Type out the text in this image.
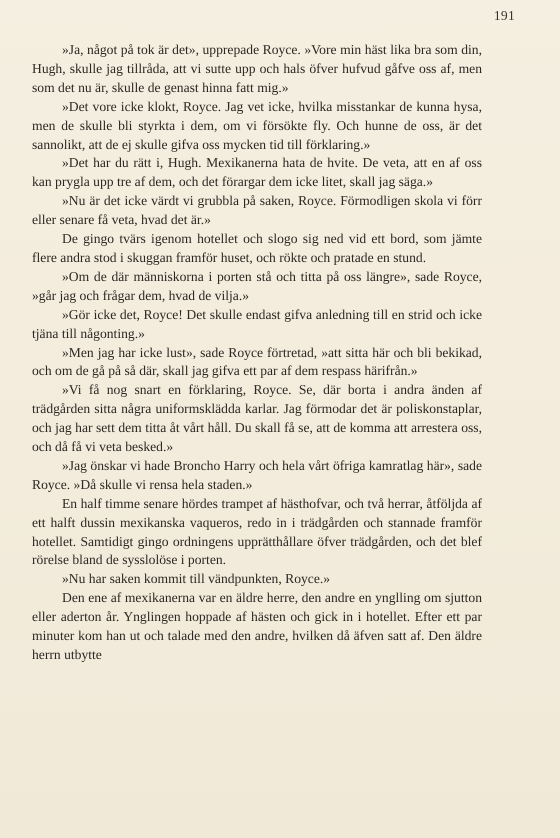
191

»Ja, något på tok är det», upprepade Royce. »Vore min häst lika bra som din, Hugh, skulle jag tillråda, att vi sutte upp och hals öfver hufvud gåfve oss af, men som det nu är, skulle de genast hinna fatt mig.»

»Det vore icke klokt, Royce. Jag vet icke, hvilka misstankar de kunna hysa, men de skulle bli styrkta i dem, om vi försökte fly. Och hunne de oss, är det sannolikt, att de ej skulle gifva oss mycken tid till förklaring.»

»Det har du rätt i, Hugh. Mexikanerna hata de hvite. De veta, att en af oss kan prygla upp tre af dem, och det förargar dem icke litet, skall jag säga.»

»Nu är det icke värdt vi grubbla på saken, Royce. Förmodligen skola vi förr eller senare få veta, hvad det är.»

De gingo tvärs igenom hotellet och slogo sig ned vid ett bord, som jämte flere andra stod i skuggan framför huset, och rökte och pratade en stund.

»Om de där människorna i porten stå och titta på oss längre», sade Royce, »går jag och frågar dem, hvad de vilja.»

»Gör icke det, Royce! Det skulle endast gifva anledning till en strid och icke tjäna till någonting.»

»Men jag har icke lust», sade Royce förtretad, »att sitta här och bli bekikad, och om de gå på så där, skall jag gifva ett par af dem respass härifrån.»

»Vi få nog snart en förklaring, Royce. Se, där borta i andra änden af trädgården sitta några uniformsklädda karlar. Jag förmodar det är poliskonstaplar, och jag har sett dem titta åt vårt håll. Du skall få se, att de komma att arrestera oss, och då få vi veta besked.»

»Jag önskar vi hade Broncho Harry och hela vårt öfriga kamratlag här», sade Royce. »Då skulle vi rensa hela staden.»

En half timme senare hördes trampet af hästhofvar, och två herrar, åtföljda af ett halft dussin mexikanska vaqueros, redo in i trädgården och stannade framför hotellet. Samtidigt gingo ordningens upprätthållare öfver trädgården, och det blef rörelse bland de sysslolöse i porten.

»Nu har saken kommit till vändpunkten, Royce.»

Den ene af mexikanerna var en äldre herre, den andre en ynglling om sjutton eller aderton år. Ynglingen hoppade af hästen och gick in i hotellet. Efter ett par minuter kom han ut och talade med den andre, hvilken då äfven satt af. Den äldre herrn utbytte
